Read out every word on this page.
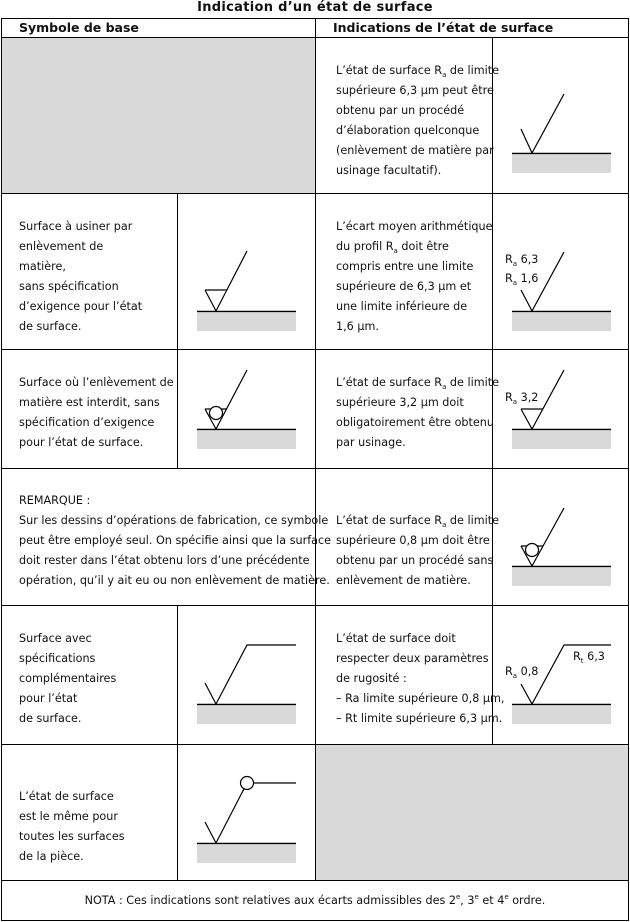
Indication d’un état de surface
Symbole de base	Indications de l’état de surface
L’état de surface $R_a$ de limite
supérieure 6,3 µm peut être
obtenu par un procédé
d’élaboration quelconque
(enlèvement de matière par
usinage facultatif).
Surface à usiner par
enlèvement de
matière,
sans spécification
d’exigence pour l’état
de surface.
L’écart moyen arithmétique
du profil $R_a$ doit être
compris entre une limite
supérieure de 6,3 µm et
une limite inférieure de
1,6 µm.
Surface où l’enlèvement de
matière est interdit, sans
spécification d’exigence
pour l’état de surface.
L’état de surface $R_a$ de limite
supérieure 3,2 µm doit
obligatoirement être obtenu
par usinage.
REMARQUE :
Sur les dessins d’opérations de fabrication, ce symbole
peut être employé seul. On spécifie ainsi que la surface
doit rester dans l’état obtenu lors d’une précédente
opération, qu’il y ait eu ou non enlèvement de matière.
L’état de surface $R_a$ de limite
supérieure 0,8 µm doit être
obtenu par un procédé sans
enlèvement de matière.
Surface avec
spécifications
complémentaires
pour l’état
de surface.
L’état de surface doit
respecter deux paramètres
de rugosité :
– Ra limite supérieure 0,8 µm,
– Rt limite supérieure 6,3 µm.
L’état de surface
est le même pour
toutes les surfaces
de la pièce.
NOTA : Ces indications sont relatives aux écarts admissibles des 2e, 3e et 4e ordre.
$R_a$ 6,3
$R_a$ 1,6
$R_a$ 3,2
$R_a$ 0,8
$R_t$ 6,3
